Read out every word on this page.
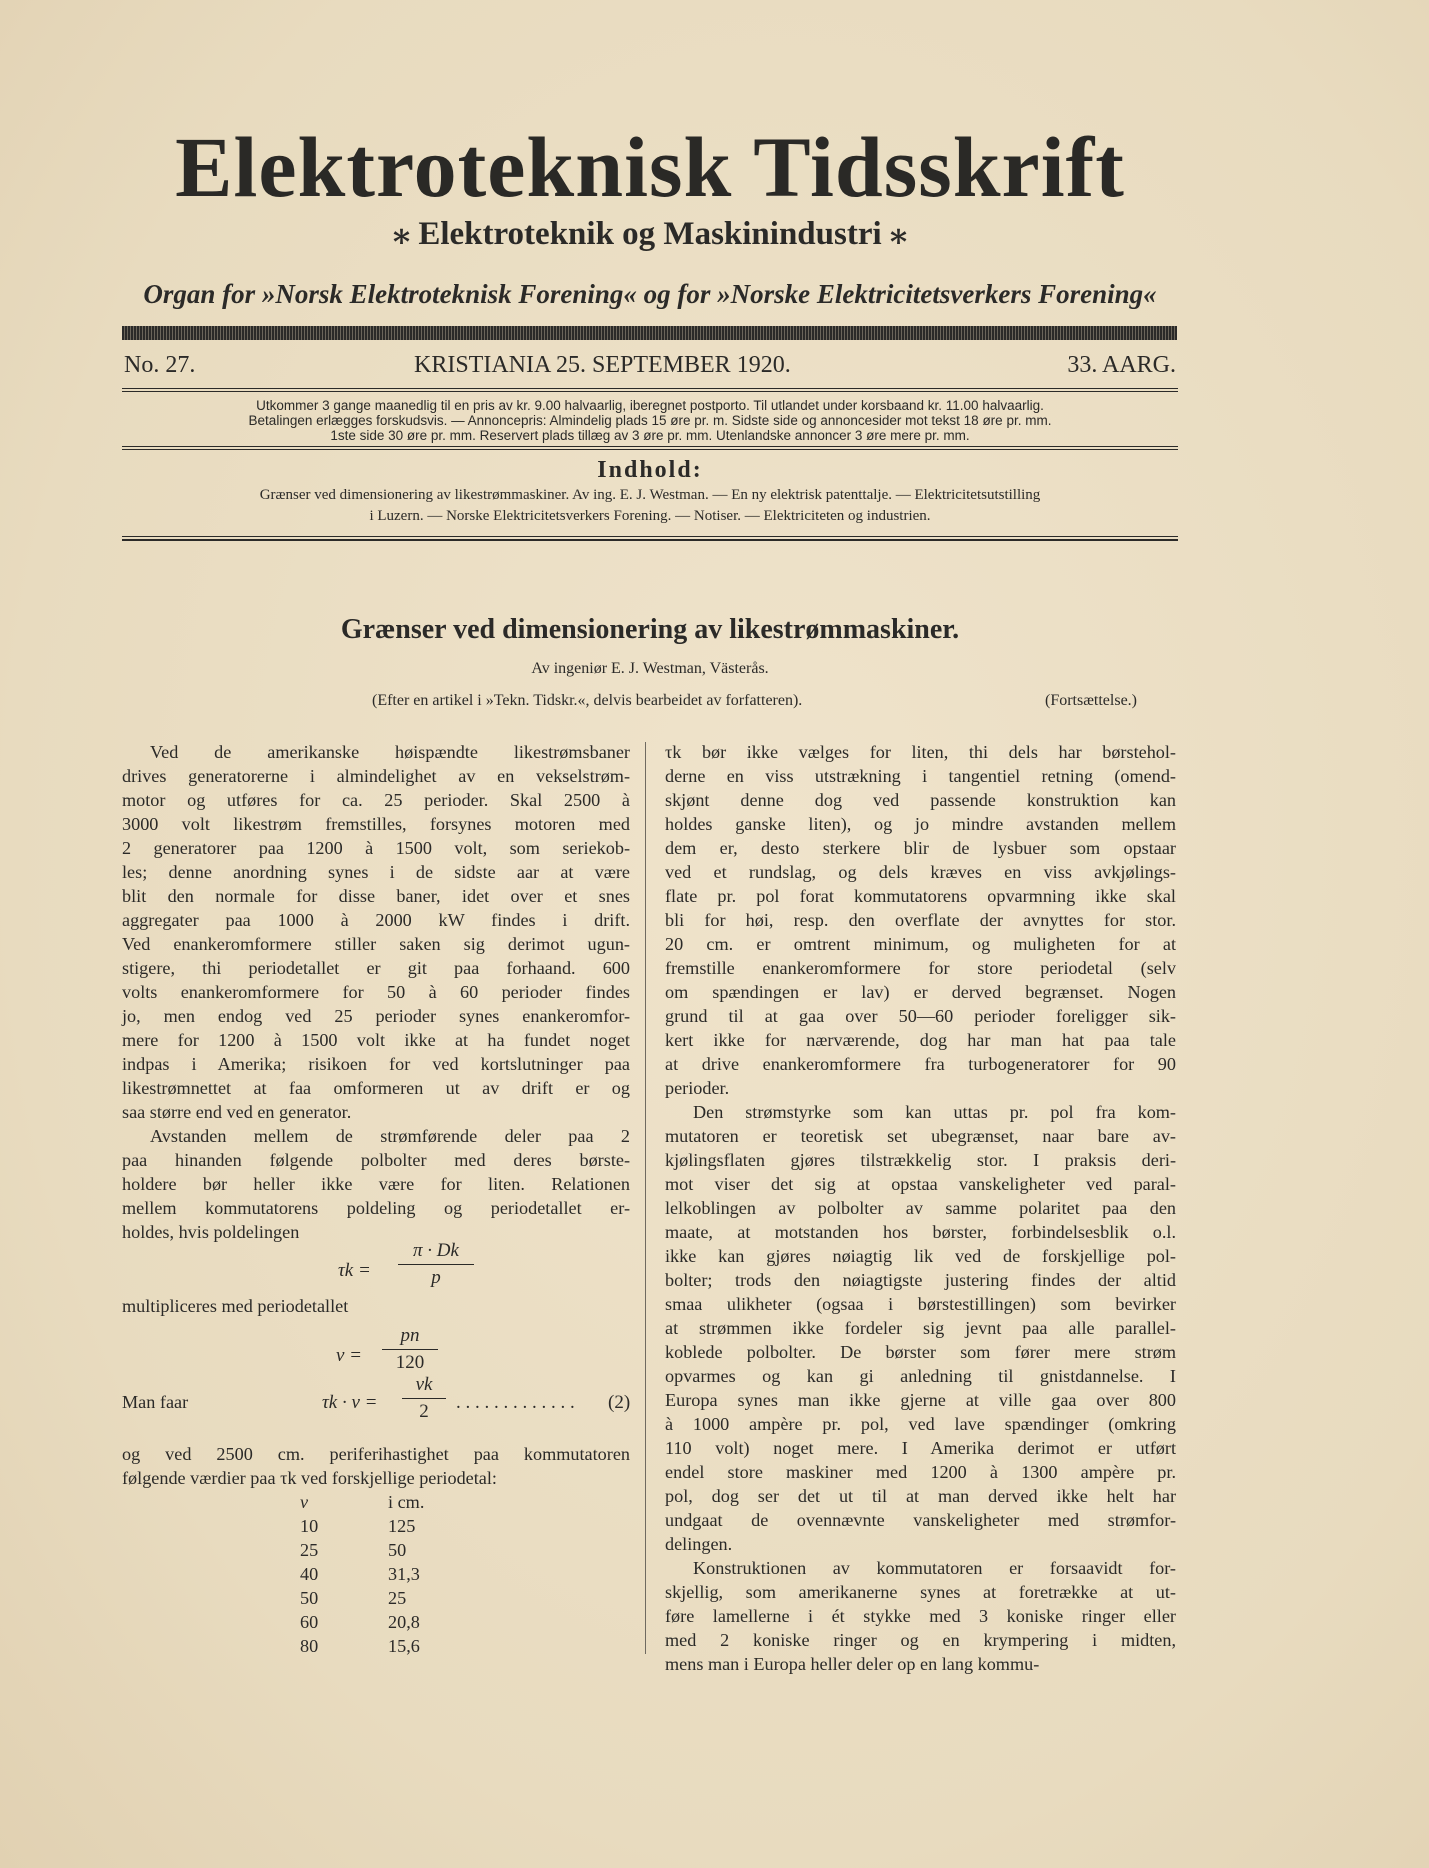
Elektroteknisk Tidsskrift
⁎ Elektroteknik og Maskinindustri ⁎
Organ for »Norsk Elektroteknisk Forening« og for »Norske Elektricitetsverkers Forening«
No. 27.	KRISTIANIA 25. SEPTEMBER 1920.	33. AARG.
Utkommer 3 gange maanedlig til en pris av kr. 9.00 halvaarlig, iberegnet postporto. Til utlandet under korsbaand kr. 11.00 halvaarlig.
Betalingen erlægges forskudsvis. — Annoncepris: Almindelig plads 15 øre pr. m. Sidste side og annoncesider mot tekst 18 øre pr. mm.
1ste side 30 øre pr. mm. Reservert plads tillæg av 3 øre pr. mm. Utenlandske annoncer 3 øre mere pr. mm.
Indhold:
Grænser ved dimensionering av likestrømmaskiner. Av ing. E. J. Westman. — En ny elektrisk patenttalje. — Elektricitetsutstilling
i Luzern. — Norske Elektricitetsverkers Forening. — Notiser. — Elektriciteten og industrien.
Grænser ved dimensionering av likestrømmaskiner.
Av ingeniør E. J. Westman, Västerås.
(Efter en artikel i »Tekn. Tidskr.«, delvis bearbeidet av forfatteren).	(Fortsættelse.)

Ved de amerikanske høispændte likestrømsbaner

drives generatorerne i almindelighet av en vekselstrøm-

motor og utføres for ca. 25 perioder. Skal 2500 à

3000 volt likestrøm fremstilles, forsynes motoren med

2 generatorer paa 1200 à 1500 volt, som seriekob-

les; denne anordning synes i de sidste aar at være

blit den normale for disse baner, idet over et snes

aggregater paa 1000 à 2000 kW findes i drift.

Ved enankeromformere stiller saken sig derimot ugun-

stigere, thi periodetallet er git paa forhaand. 600

volts enankeromformere for 50 à 60 perioder findes

jo, men endog ved 25 perioder synes enankeromfor-

mere for 1200 à 1500 volt ikke at ha fundet noget

indpas i Amerika; risikoen for ved kortslutninger paa

likestrømnettet at faa omformeren ut av drift er og

saa større end ved en generator.

Avstanden mellem de strømførende deler paa 2

paa hinanden følgende polbolter med deres børste-

holdere bør heller ikke være for liten. Relationen

mellem kommutatorens poldeling og periodetallet er-

holdes, hvis poldelingen

$\tau k = \frac{\pi \cdot Dk}{p}$

multipliceres med periodetallet

$\nu = \frac{pn}{120}$

Man faar	$\tau k \cdot \nu = \frac{vk}{2}$ . . . . . . . . . . . . . (2)

og ved 2500 cm. periferihastighet paa kommutatoren

følgende værdier paa τk ved forskjellige periodetal:

ν	i cm.
10	125
25	50
40	31,3
50	25
60	20,8
80	15,6

τk bør ikke vælges for liten, thi dels har børstehol-

derne en viss utstrækning i tangentiel retning (omend-

skjønt denne dog ved passende konstruktion kan

holdes ganske liten), og jo mindre avstanden mellem

dem er, desto sterkere blir de lysbuer som opstaar

ved et rundslag, og dels kræves en viss avkjølings-

flate pr. pol forat kommutatorens opvarmning ikke skal

bli for høi, resp. den overflate der avnyttes for stor.

20 cm. er omtrent minimum, og muligheten for at

fremstille enankeromformere for store periodetal (selv

om spændingen er lav) er derved begrænset. Nogen

grund til at gaa over 50—60 perioder foreligger sik-

kert ikke for nærværende, dog har man hat paa tale

at drive enankeromformere fra turbogeneratorer for 90

perioder.

Den strømstyrke som kan uttas pr. pol fra kom-

mutatoren er teoretisk set ubegrænset, naar bare av-

kjølingsflaten gjøres tilstrækkelig stor. I praksis deri-

mot viser det sig at opstaa vanskeligheter ved paral-

lelkoblingen av polbolter av samme polaritet paa den

maate, at motstanden hos børster, forbindelsesblik o.l.

ikke kan gjøres nøiagtig lik ved de forskjellige pol-

bolter; trods den nøiagtigste justering findes der altid

smaa ulikheter (ogsaa i børstestillingen) som bevirker

at strømmen ikke fordeler sig jevnt paa alle parallel-

koblede polbolter. De børster som fører mere strøm

opvarmes og kan gi anledning til gnistdannelse. I

Europa synes man ikke gjerne at ville gaa over 800

à 1000 ampère pr. pol, ved lave spændinger (omkring

110 volt) noget mere. I Amerika derimot er utført

endel store maskiner med 1200 à 1300 ampère pr.

pol, dog ser det ut til at man derved ikke helt har

undgaat de ovennævnte vanskeligheter med strømfor-

delingen.

Konstruktionen av kommutatoren er forsaavidt for-

skjellig, som amerikanerne synes at foretrække at ut-

føre lamellerne i ét stykke med 3 koniske ringer eller

med 2 koniske ringer og en krympering i midten,

mens man i Europa heller deler op en lang kommu-
